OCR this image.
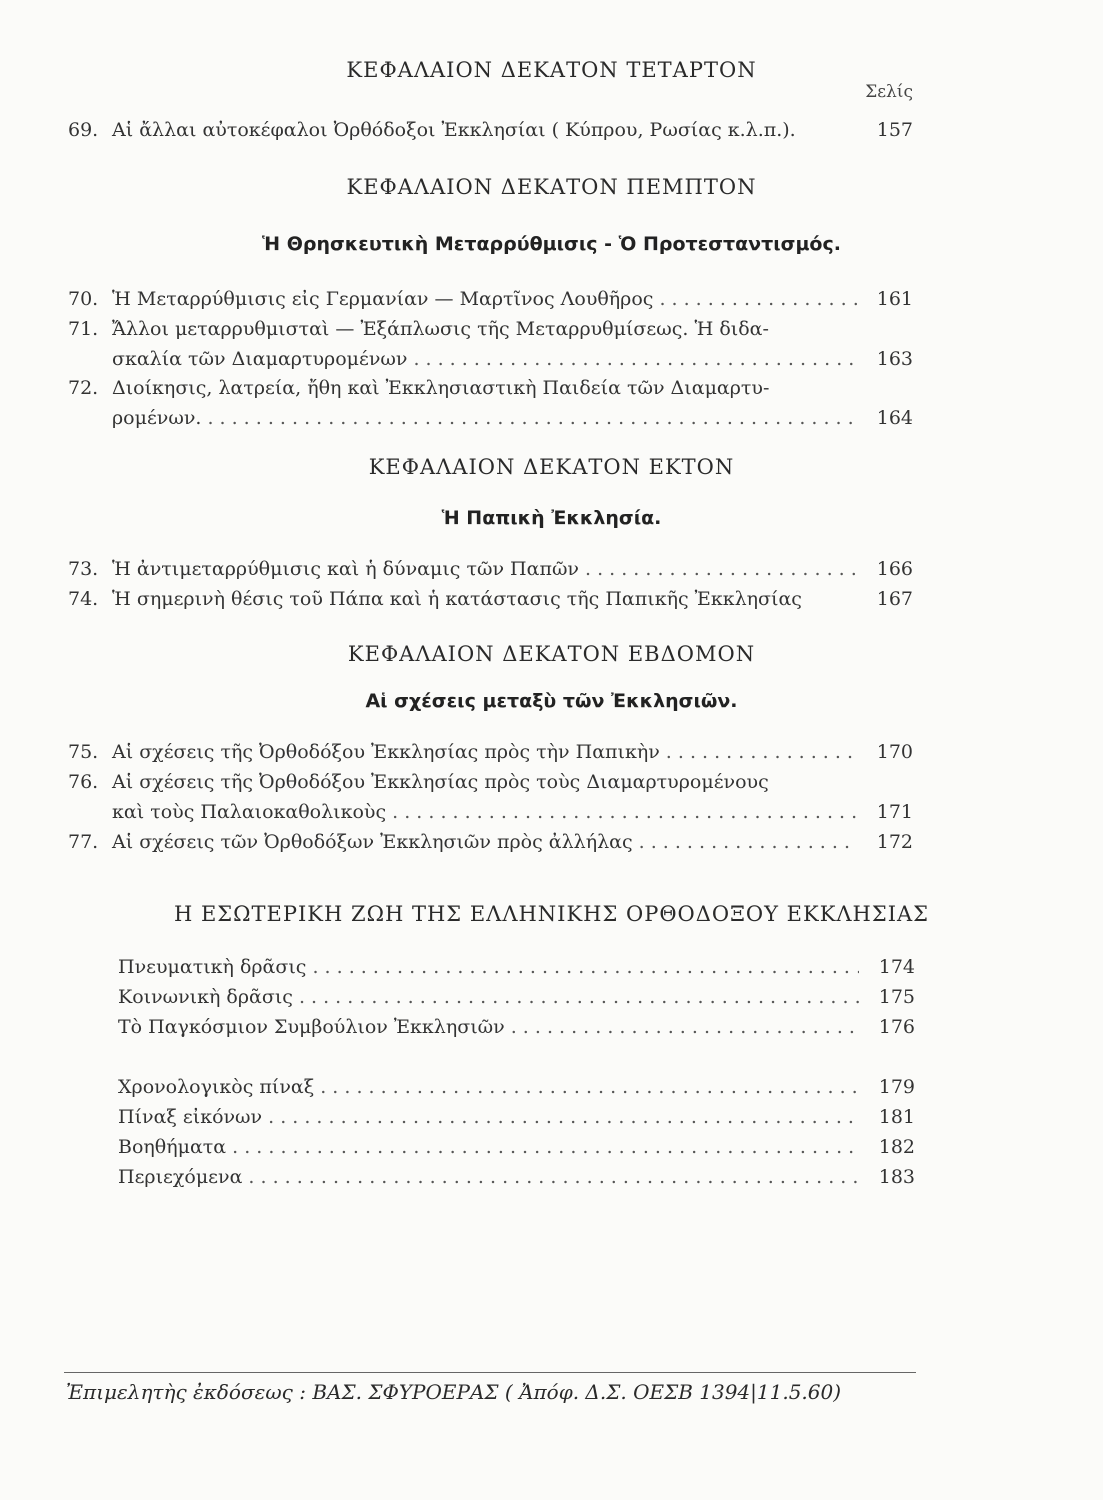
ΚΕΦΑΛΑΙΟΝ ΔΕΚΑΤΟΝ ΤΕΤΑΡΤΟΝ
Σελίς
69. Αἱ ἄλλαι αὐτοκέφαλοι Ὀρθόδοξοι Ἐκκλησίαι ( Κύπρου, Ρωσίας κ.λ.π.).	157
ΚΕΦΑΛΑΙΟΝ ΔΕΚΑΤΟΝ ΠΕΜΠΤΟΝ
Ἡ Θρησκευτικὴ Μεταρρύθμισις - Ὁ Προτεσταντισμός.
70. Ἡ Μεταρρύθμισις εἰς Γερμανίαν — Μαρτῖνος Λουθῆρος . . .	161
71. Ἄλλοι μεταρρυθμισταὶ — Ἐξάπλωσις τῆς Μεταρρυθμίσεως. Ἡ διδα-
σκαλία τῶν Διαμαρτυρομένων . . .	163
72. Διοίκησις, λατρεία, ἤθη καὶ Ἐκκλησιαστικὴ Παιδεία τῶν Διαμαρτυ-
ρομένων. . . .	164
ΚΕΦΑΛΑΙΟΝ ΔΕΚΑΤΟΝ ΕΚΤΟΝ
Ἡ Παπικὴ Ἐκκλησία.
73. Ἡ ἀντιμεταρρύθμισις καὶ ἡ δύναμις τῶν Παπῶν . . .	166
74. Ἡ σημερινὴ θέσις τοῦ Πάπα καὶ ἡ κατάστασις τῆς Παπικῆς Ἐκκλησίας	167
ΚΕΦΑΛΑΙΟΝ ΔΕΚΑΤΟΝ ΕΒΔΟΜΟΝ
Αἱ σχέσεις μεταξὺ τῶν Ἐκκλησιῶν.
75. Αἱ σχέσεις τῆς Ὀρθοδόξου Ἐκκλησίας πρὸς τὴν Παπικὴν . . .	170
76. Αἱ σχέσεις τῆς Ὀρθοδόξου Ἐκκλησίας πρὸς τοὺς Διαμαρτυρομένους
καὶ τοὺς Παλαιοκαθολικοὺς . . .	171
77. Αἱ σχέσεις τῶν Ὀρθοδόξων Ἐκκλησιῶν πρὸς ἀλλήλας . . .	172
Η ΕΣΩΤΕΡΙΚΗ ΖΩΗ ΤΗΣ ΕΛΛΗΝΙΚΗΣ ΟΡΘΟΔΟΞΟΥ ΕΚΚΛΗΣΙΑΣ
Πνευματικὴ δρᾶσις . . .	174
Κοινωνικὴ δρᾶσις . . .	175
Τὸ Παγκόσμιον Συμβούλιον Ἐκκλησιῶν . . .	176
Χρονολογικὸς πίναξ . . .	179
Πίναξ εἰκόνων . . .	181
Βοηθήματα . . .	182
Περιεχόμενα . . .	183
Ἐπιμελητὴς ἐκδόσεως : ΒΑΣ. ΣΦΥΡΟΕΡΑΣ ( Ἀπόφ. Δ.Σ. ΟΕΣΒ 1394|11.5.60)
